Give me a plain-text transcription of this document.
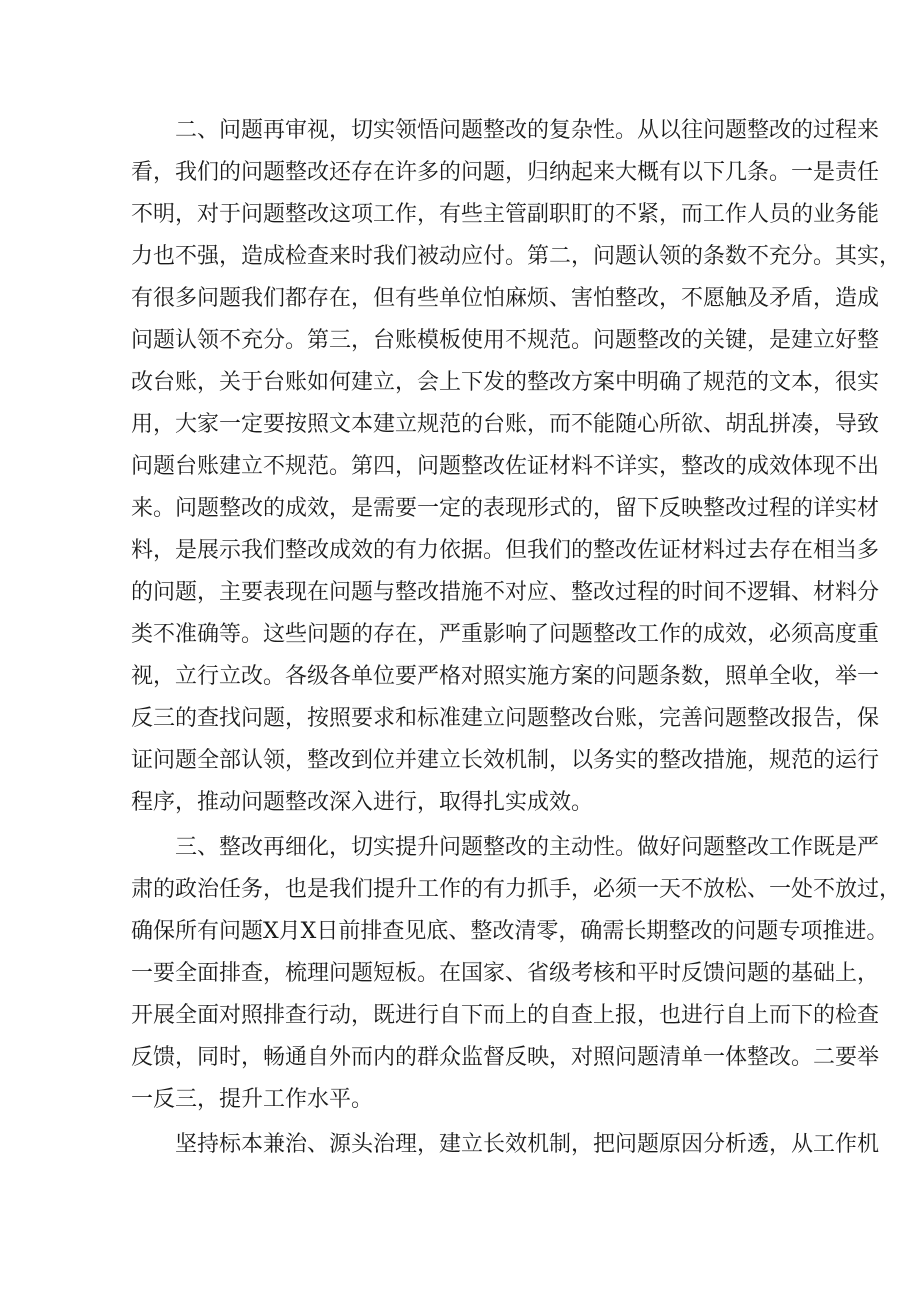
二、问题再审视，切实领悟问题整改的复杂性。从以往问题整改的过程来
看，我们的问题整改还存在许多的问题，归纳起来大概有以下几条。一是责任
不明，对于问题整改这项工作，有些主管副职盯的不紧，而工作人员的业务能
力也不强，造成检查来时我们被动应付。第二，问题认领的条数不充分。其实，
有很多问题我们都存在，但有些单位怕麻烦、害怕整改，不愿触及矛盾，造成
问题认领不充分。第三，台账模板使用不规范。问题整改的关键，是建立好整
改台账，关于台账如何建立，会上下发的整改方案中明确了规范的文本，很实
用，大家一定要按照文本建立规范的台账，而不能随心所欲、胡乱拼凑，导致
问题台账建立不规范。第四，问题整改佐证材料不详实，整改的成效体现不出
来。问题整改的成效，是需要一定的表现形式的，留下反映整改过程的详实材
料，是展示我们整改成效的有力依据。但我们的整改佐证材料过去存在相当多
的问题，主要表现在问题与整改措施不对应、整改过程的时间不逻辑、材料分
类不准确等。这些问题的存在，严重影响了问题整改工作的成效，必须高度重
视，立行立改。各级各单位要严格对照实施方案的问题条数，照单全收，举一
反三的查找问题，按照要求和标准建立问题整改台账，完善问题整改报告，保
证问题全部认领，整改到位并建立长效机制，以务实的整改措施，规范的运行
程序，推动问题整改深入进行，取得扎实成效。
三、整改再细化，切实提升问题整改的主动性。做好问题整改工作既是严
肃的政治任务，也是我们提升工作的有力抓手，必须一天不放松、一处不放过，
确保所有问题X月X日前排查见底、整改清零，确需长期整改的问题专项推进。
一要全面排查，梳理问题短板。在国家、省级考核和平时反馈问题的基础上，
开展全面对照排查行动，既进行自下而上的自查上报，也进行自上而下的检查
反馈，同时，畅通自外而内的群众监督反映，对照问题清单一体整改。二要举
一反三，提升工作水平。
坚持标本兼治、源头治理，建立长效机制，把问题原因分析透，从工作机
